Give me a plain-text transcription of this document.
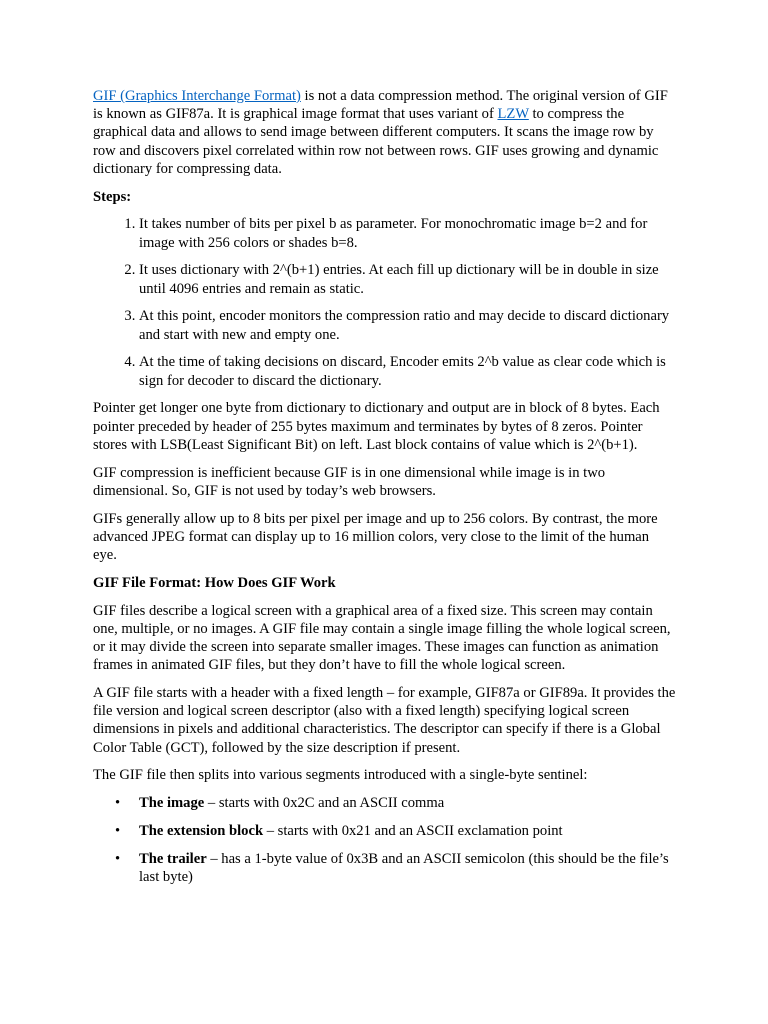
GIF (Graphics Interchange Format) is not a data compression method. The original version of GIF is known as GIF87a. It is graphical image format that uses variant of LZW to compress the graphical data and allows to send image between different computers. It scans the image row by row and discovers pixel correlated within row not between rows. GIF uses growing and dynamic dictionary for compressing data.

Steps:

1. It takes number of bits per pixel b as parameter. For monochromatic image b=2 and for image with 256 colors or shades b=8.
2. It uses dictionary with 2^(b+1) entries. At each fill up dictionary will be in double in size until 4096 entries and remain as static.
3. At this point, encoder monitors the compression ratio and may decide to discard dictionary and start with new and empty one.
4. At the time of taking decisions on discard, Encoder emits 2^b value as clear code which is sign for decoder to discard the dictionary.

Pointer get longer one byte from dictionary to dictionary and output are in block of 8 bytes. Each pointer preceded by header of 255 bytes maximum and terminates by bytes of 8 zeros. Pointer stores with LSB(Least Significant Bit) on left. Last block contains of value which is 2^(b+1).

GIF compression is inefficient because GIF is in one dimensional while image is in two dimensional. So, GIF is not used by today’s web browsers.

GIFs generally allow up to 8 bits per pixel per image and up to 256 colors. By contrast, the more advanced JPEG format can display up to 16 million colors, very close to the limit of the human eye.

GIF File Format: How Does GIF Work

GIF files describe a logical screen with a graphical area of a fixed size. This screen may contain one, multiple, or no images. A GIF file may contain a single image filling the whole logical screen, or it may divide the screen into separate smaller images. These images can function as animation frames in animated GIF files, but they don’t have to fill the whole logical screen.

A GIF file starts with a header with a fixed length – for example, GIF87a or GIF89a. It provides the file version and logical screen descriptor (also with a fixed length) specifying logical screen dimensions in pixels and additional characteristics. The descriptor can specify if there is a Global Color Table (GCT), followed by the size description if present.

The GIF file then splits into various segments introduced with a single-byte sentinel:

• The image – starts with 0x2C and an ASCII comma
• The extension block – starts with 0x21 and an ASCII exclamation point
• The trailer – has a 1-byte value of 0x3B and an ASCII semicolon (this should be the file’s last byte)
